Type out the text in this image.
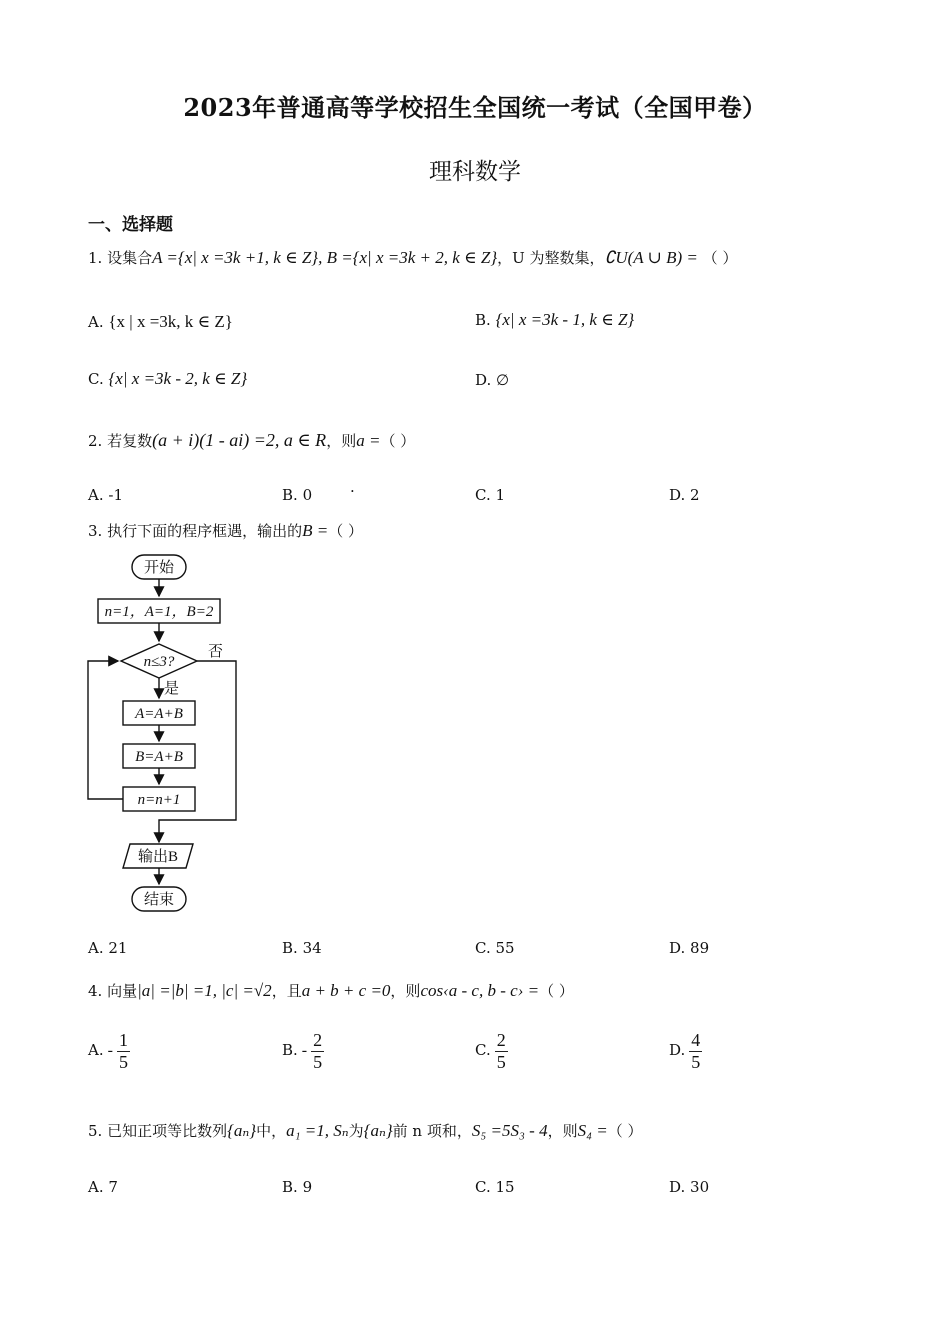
2023年普通高等学校招生全国统一考试（全国甲卷）
理科数学
一、选择题
1. 设集合A ={x| x =3k +1, k ∈ Z}, B ={x| x =3k + 2, k ∈ Z}，U 为整数集，∁U(A ∪ B) = （ ）
A. {x | x =3k, k ∈ Z}	B. {x| x =3k - 1, k ∈ Z}
C. {x| x =3k - 2, k ∈ Z}	D. ∅
2. 若复数(a + i)(1 - ai) =2, a ∈ R，则a =（ ）
A. -1	B. 0	·	C. 1	D. 2
3. 执行下面的程序框遇，输出的B =（ ）
开始
n=1，A=1，B=2
n≤3?
是
否
A=A+B
B=A+B
n=n+1
输出B
结束
A. 21	B. 34	C. 55	D. 89
4. 向量|a| =|b| =1, |c| =√2，且a + b + c =0，则cos‹a - c, b - c› =（ ）
A. - $\frac{1}{5}$	B. - $\frac{2}{5}$	C. $\frac{2}{5}$	D. $\frac{4}{5}$
5. 已知正项等比数列{aₙ}中，a₁ =1, Sₙ为{aₙ}前 n 项和，S₅ =5S₃ - 4，则S₄ =（ ）
A. 7	B. 9	C. 15	D. 30
